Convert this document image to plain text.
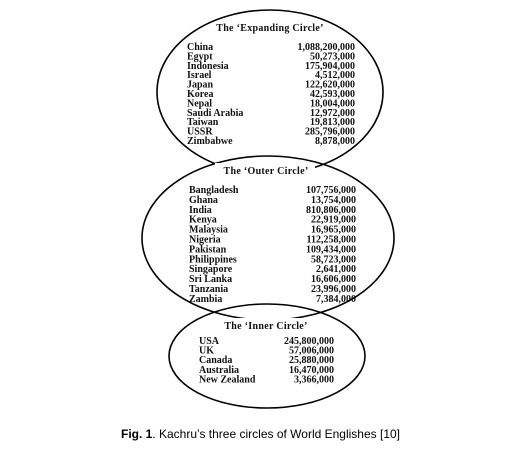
The ‘Expanding Circle’
The ‘Outer Circle’
The ‘Inner Circle’
China	1,088,200,000
Egypt	50,273,000
Indonesia	175,904,000
Israel	4,512,000
Japan	122,620,000
Korea	42,593,000
Nepal	18,004,000
Saudi Arabia	12,972,000
Taiwan	19,813,000
USSR	285,796,000
Zimbabwe	8,878,000
Bangladesh	107,756,000
Ghana	13,754,000
India	810,806,000
Kenya	22,919,000
Malaysia	16,965,000
Nigeria	112,258,000
Pakistan	109,434,000
Philippines	58,723,000
Singapore	2,641,000
Sri Lanka	16,606,000
Tanzania	23,996,000
Zambia	7,384,000
USA	245,800,000
UK	57,006,000
Canada	25,880,000
Australia	16,470,000
New Zealand	3,366,000
Fig. 1. Kachru’s three circles of World Englishes [10]
